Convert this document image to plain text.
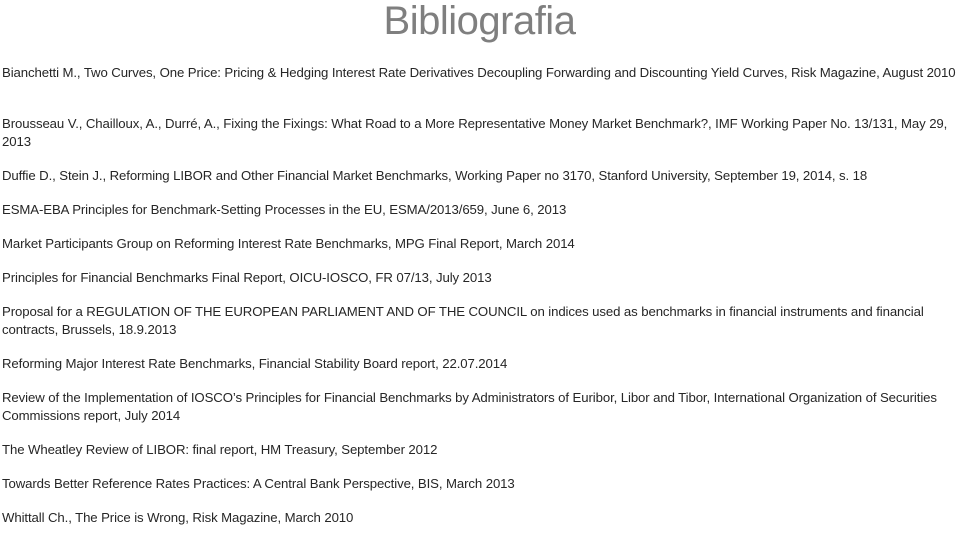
Bibliografia

Bianchetti M., Two Curves, One Price: Pricing & Hedging Interest Rate Derivatives Decoupling Forwarding and Discounting Yield Curves, Risk Magazine, August 2010

Brousseau V., Chailloux, A., Durré, A., Fixing the Fixings: What Road to a More Representative Money Market Benchmark?, IMF Working Paper No. 13/131, May 29, 2013

Duffie D., Stein J., Reforming LIBOR and Other Financial Market Benchmarks, Working Paper no 3170, Stanford University, September 19, 2014, s. 18

ESMA-EBA Principles for Benchmark-Setting Processes in the EU, ESMA/2013/659, June 6, 2013

Market Participants Group on Reforming Interest Rate Benchmarks, MPG Final Report, March 2014

Principles for Financial Benchmarks Final Report, OICU-IOSCO, FR 07/13, July 2013

Proposal for a REGULATION OF THE EUROPEAN PARLIAMENT AND OF THE COUNCIL on indices used as benchmarks in financial instruments and financial contracts, Brussels, 18.9.2013

Reforming Major Interest Rate Benchmarks, Financial Stability Board report, 22.07.2014

Review of the Implementation of IOSCO’s Principles for Financial Benchmarks by Administrators of Euribor, Libor and Tibor, International Organization of Securities Commissions report, July 2014

The Wheatley Review of LIBOR: final report, HM Treasury, September 2012

Towards Better Reference Rates Practices: A Central Bank Perspective, BIS, March 2013

Whittall Ch., The Price is Wrong, Risk Magazine, March 2010
